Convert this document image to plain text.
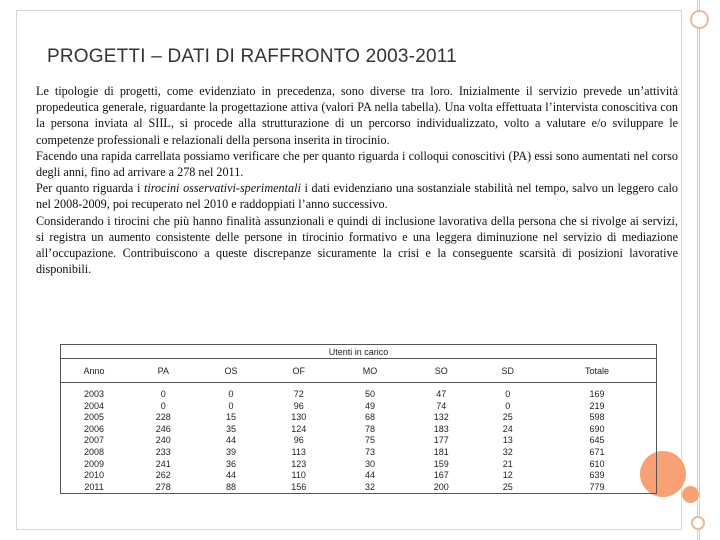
PROGETTI – DATI DI RAFFRONTO 2003-2011

Le tipologie di progetti, come evidenziato in precedenza, sono diverse tra loro. Inizialmente il servizio prevede un’attività propedeutica generale, riguardante la progettazione attiva (valori PA nella tabella). Una volta effettuata l’intervista conoscitiva con la persona inviata al SIIL, si procede alla strutturazione di un percorso individualizzato, volto a valutare e/o sviluppare le competenze professionali e relazionali della persona inserita in tirocinio.

Facendo una rapida carrellata possiamo verificare che per quanto riguarda i colloqui conoscitivi (PA) essi sono aumentati nel corso degli anni, fino ad arrivare a 278 nel 2011.

Per quanto riguarda i tirocini osservativi-sperimentali i dati evidenziano una sostanziale stabilità nel tempo, salvo un leggero calo nel 2008-2009, poi recuperato nel 2010 e raddoppiati l’anno successivo.

Considerando i tirocini che più hanno finalità assunzionali e quindi di inclusione lavorativa della persona che si rivolge ai servizi, si registra un aumento consistente delle persone in tirocinio formativo e una leggera diminuzione nel servizio di mediazione all’occupazione. Contribuiscono a queste discrepanze sicuramente la crisi e la conseguente scarsità di posizioni lavorative disponibili.

Utenti in carico							
Anno	PA	OS	OF	MO	SO	SD	Totale
2003	0	0	72	50	47	0	169
2004	0	0	96	49	74	0	219
2005	228	15	130	68	132	25	598
2006	246	35	124	78	183	24	690
2007	240	44	96	75	177	13	645
2008	233	39	113	73	181	32	671
2009	241	36	123	30	159	21	610
2010	262	44	110	44	167	12	639
2011	278	88	156	32	200	25	779
